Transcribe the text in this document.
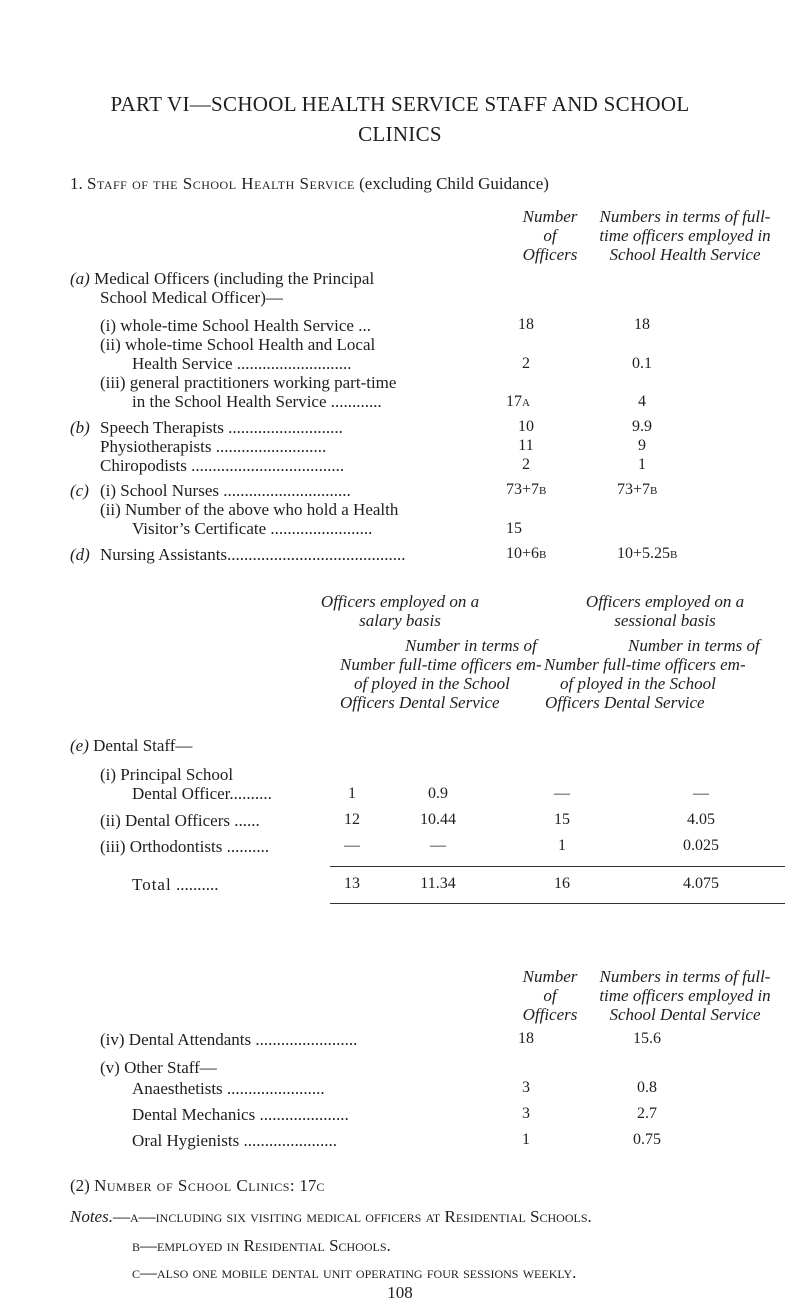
PART VI—SCHOOL HEALTH SERVICE STAFF AND SCHOOL
CLINICS
1. Staff of the School Health Service (excluding Child Guidance)
Number
of
Officers
Numbers in terms of full-
time officers employed in
School Health Service
(a) Medical Officers (including the Principal
School Medical Officer)—
(i) whole-time School Health Service ...	18	18
(ii) whole-time School Health and Local
Health Service ...........................	2	0.1
(iii) general practitioners working part-time
in the School Health Service ............	17a	4
(b) Speech Therapists ...........................	10	9.9
Physiotherapists ..........................	11	9
Chiropodists ....................................	2	1
(c) (i) School Nurses ..............................	73+7b	73+7b
(ii) Number of the above who hold a Health
Visitor’s Certificate ........................	15
(d) Nursing Assistants..........................................	10+6b	10+5.25b
Officers employed on a
salary basis
Officers employed on a
sessional basis
Number in terms of
Number full-time officers em-
of ployed in the School
Officers Dental Service
Number in terms of
Number full-time officers em-
of ployed in the School
Officers Dental Service
(e) Dental Staff—
(i) Principal School
Dental Officer..........	1	0.9	—	—
(ii) Dental Officers ......	12	10.44	15	4.05
(iii) Orthodontists ..........	—	—	1	0.025
Total ..........	13	11.34	16	4.075
Number
of
Officers
Numbers in terms of full-
time officers employed in
School Dental Service
(iv) Dental Attendants ........................	18	15.6
(v) Other Staff—
Anaesthetists .......................	3	0.8
Dental Mechanics .....................	3	2.7
Oral Hygienists ......................	1	0.75
(2) Number of School Clinics: 17c
Notes.—a—including six visiting medical officers at Residential Schools.
b—employed in Residential Schools.
c—also one mobile dental unit operating four sessions weekly.
108
